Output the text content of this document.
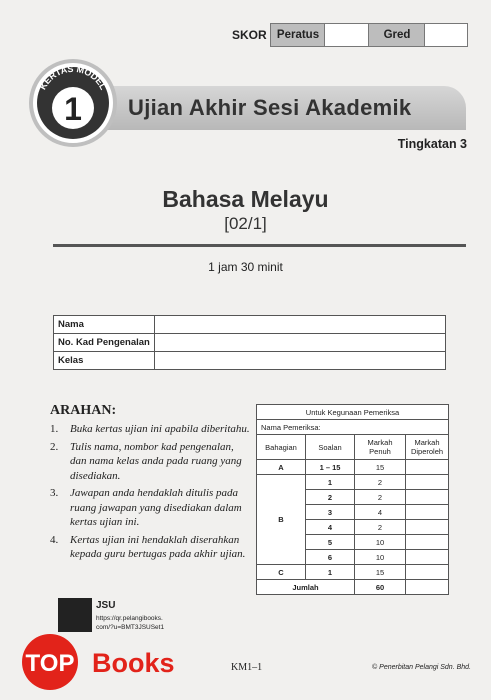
SKOR Peratus	Gred
KERTAS MODEL
1 Ujian Akhir Sesi Akademik
Tingkatan 3
Bahasa Melayu
[02/1]
1 jam 30 minit
Nama	
No. Kad Pengenalan	
Kelas	
ARAHAN:
1. Buka kertas ujian ini apabila diberitahu.
2. Tulis nama, nombor kad pengenalan, dan nama kelas anda pada ruang yang disediakan.
3. Jawapan anda hendaklah ditulis pada ruang jawapan yang disediakan dalam kertas ujian ini.
4. Kertas ujian ini hendaklah diserahkan kepada guru bertugas pada akhir ujian.
Untuk Kegunaan Pemeriksa			
Nama Pemeriksa:			
Bahagian	Soalan	Markah Penuh	Markah Diperoleh
A	1 – 15	15	
B	1	2	
	2	2	
	3	4	
	4	2	
	5	10	
	6	10	
C	1	15	
Jumlah		60	
JSU
https://qr.pelangibooks.
com/?u=BMT3JSUSet1
TOP Books	KM1–1	© Penerbitan Pelangi Sdn. Bhd.
